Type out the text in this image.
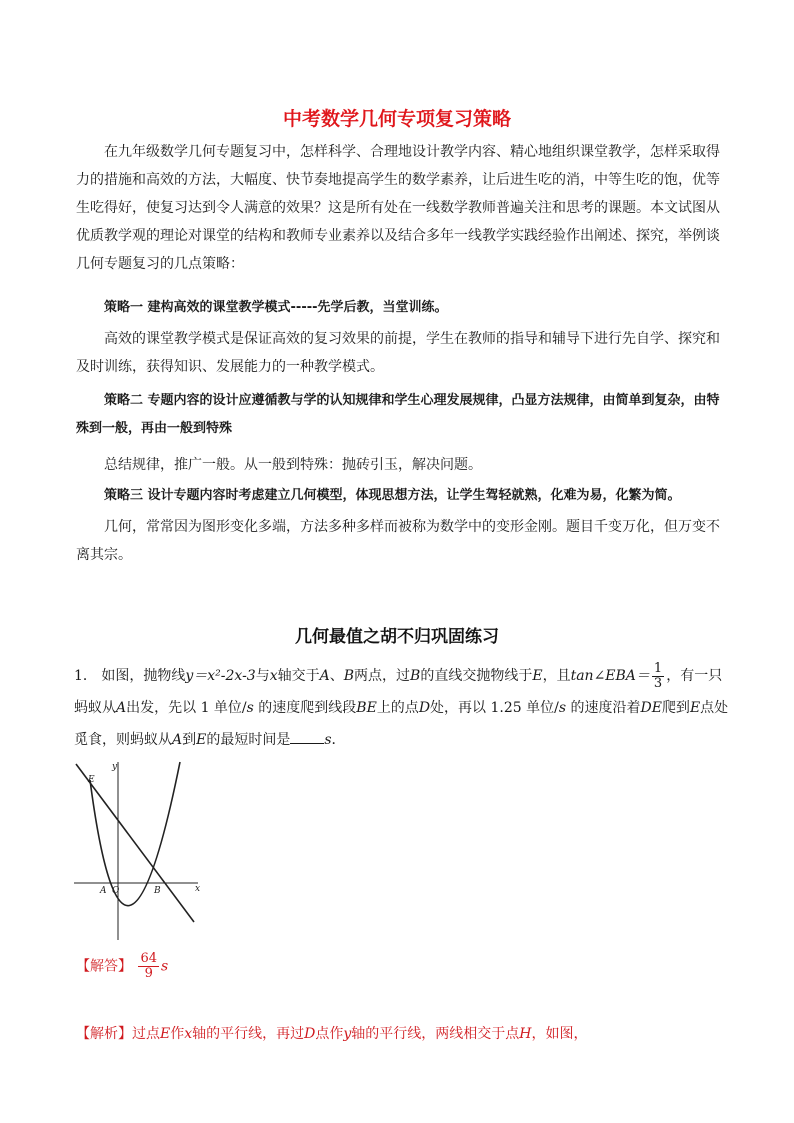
中考数学几何专项复习策略

在九年级数学几何专题复习中，怎样科学、合理地设计教学内容、精心地组织课堂教学，怎样采取得力的措施和高效的方法，大幅度、快节奏地提高学生的数学素养，让后进生吃的消，中等生吃的饱，优等生吃得好，使复习达到令人满意的效果？这是所有处在一线数学教师普遍关注和思考的课题。本文试图从优质教学观的理论对课堂的结构和教师专业素养以及结合多年一线教学实践经验作出阐述、探究，举例谈几何专题复习的几点策略：

策略一 建构高效的课堂教学模式-----先学后教，当堂训练。

高效的课堂教学模式是保证高效的复习效果的前提，学生在教师的指导和辅导下进行先自学、探究和及时训练，获得知识、发展能力的一种教学模式。

策略二 专题内容的设计应遵循教与学的认知规律和学生心理发展规律，凸显方法规律，由简单到复杂，由特殊到一般，再由一般到特殊

总结规律，推广一般。从一般到特殊：抛砖引玉，解决问题。

策略三 设计专题内容时考虑建立几何模型，体现思想方法，让学生驾轻就熟，化难为易，化繁为简。

几何，常常因为图形变化多端，方法多种多样而被称为数学中的变形金刚。题目千变万化，但万变不离其宗。

几何最值之胡不归巩固练习

1． 如图，抛物线y＝x²-2x-3与x轴交于A、B两点，过B的直线交抛物线于E，且tan∠EBA＝ $\frac{1}{3}$ ，有一只蚂蚁从A出发，先以 1 单位/s 的速度爬到线段BE上的点D处，再以 1.25 单位/s 的速度沿着DE爬到E点处觅食，则蚂蚁从A到E的最短时间是 s．

E
y
A O	B	x
【解答】 $\frac{64}{9}$ s
【解析】过点E作x轴的平行线，再过D点作y轴的平行线，两线相交于点H，如图，
